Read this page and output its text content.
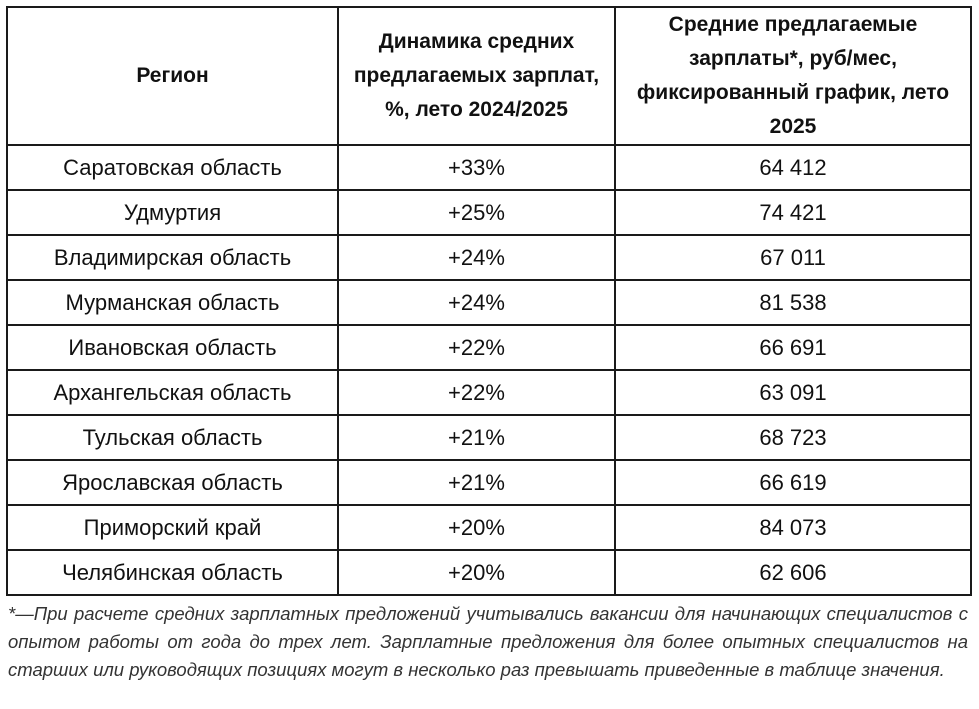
Регион	Динамика средних предлагаемых зарплат, %, лето 2024/2025	Средние предлагаемые зарплаты*, руб/мес, фиксированный график, лето 2025
Саратовская область	+33%	64 412
Удмуртия	+25%	74 421
Владимирская область	+24%	67 011
Мурманская область	+24%	81 538
Ивановская область	+22%	66 691
Архангельская область	+22%	63 091
Тульская область	+21%	68 723
Ярославская область	+21%	66 619
Приморский край	+20%	84 073
Челябинская область	+20%	62 606

*—При расчете средних зарплатных предложений учитывались вакансии для начинающих специалистов с опытом работы от года до трех лет. Зарплатные предложения для более опытных специалистов на старших или руководящих позициях могут в несколько раз превышать приведенные в таблице значения.
